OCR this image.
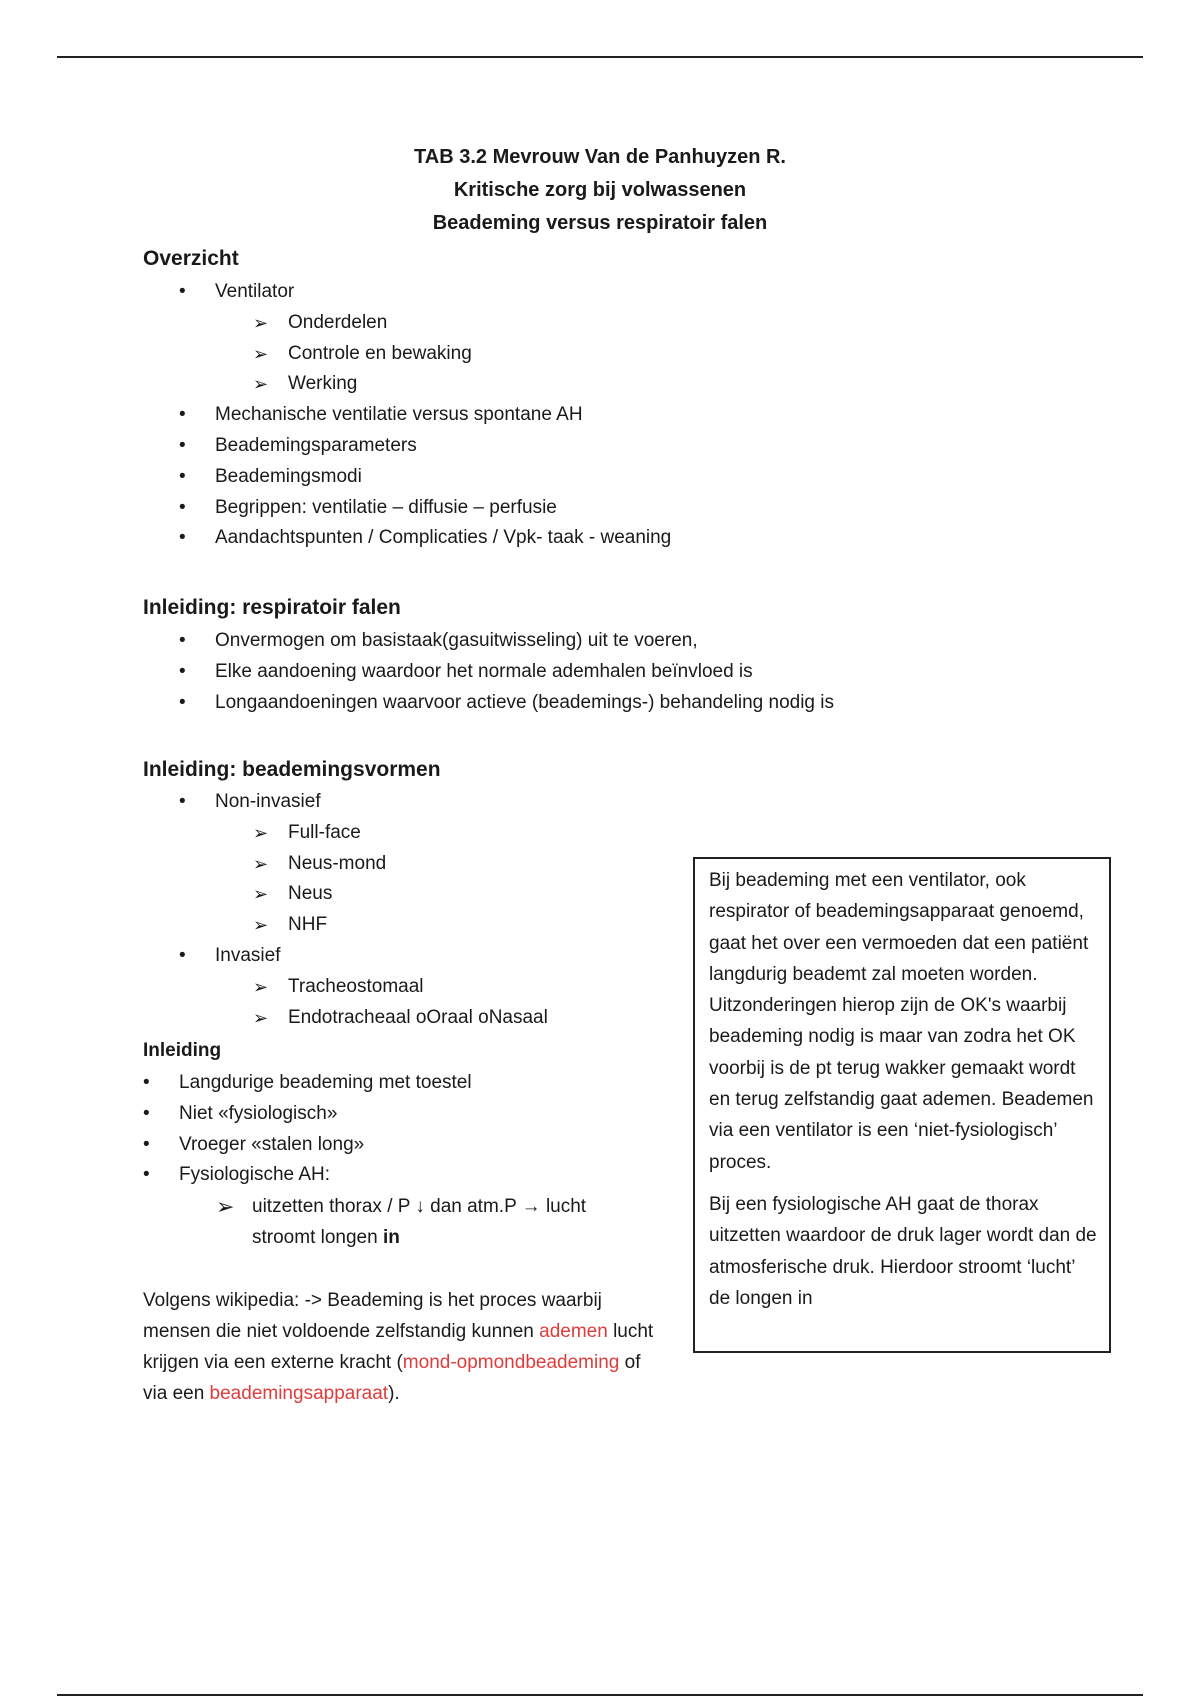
TAB 3.2 Mevrouw Van de Panhuyzen R.
Kritische zorg bij volwassenen
Beademing versus respiratoir falen
Overzicht
• Ventilator
➢ Onderdelen
➢ Controle en bewaking
➢ Werking
• Mechanische ventilatie versus spontane AH
• Beademingsparameters
• Beademingsmodi
• Begrippen: ventilatie – diffusie – perfusie
• Aandachtspunten / Complicaties / Vpk- taak - weaning
Inleiding: respiratoir falen
• Onvermogen om basistaak(gasuitwisseling) uit te voeren,
• Elke aandoening waardoor het normale ademhalen beïnvloed is
• Longaandoeningen waarvoor actieve (beademings-) behandeling nodig is
Inleiding: beademingsvormen
• Non-invasief
➢ Full-face
➢ Neus-mond
➢ Neus
➢ NHF
• Invasief
➢ Tracheostomaal
➢ Endotracheaal oOraal oNasaal
Inleiding
• Langdurige beademing met toestel
• Niet «fysiologisch»
• Vroeger «stalen long»
• Fysiologische AH:
➢ uitzetten thorax / P ↓ dan atm.P → lucht
stroomt longen in
Volgens wikipedia: -> Beademing is het proces waarbij mensen die niet voldoende zelfstandig kunnen ademen lucht krijgen via een externe kracht (mond-opmondbeademing of via een beademingsapparaat).

Bij beademing met een ventilator, ook respirator of beademingsapparaat genoemd, gaat het over een vermoeden dat een patiënt langdurig beademt zal moeten worden. Uitzonderingen hierop zijn de OK's waarbij beademing nodig is maar van zodra het OK voorbij is de pt terug wakker gemaakt wordt en terug zelfstandig gaat ademen. Beademen via een ventilator is een ‘niet-fysiologisch’ proces.

Bij een fysiologische AH gaat de thorax uitzetten waardoor de druk lager wordt dan de atmosferische druk. Hierdoor stroomt ‘lucht’ de longen in
